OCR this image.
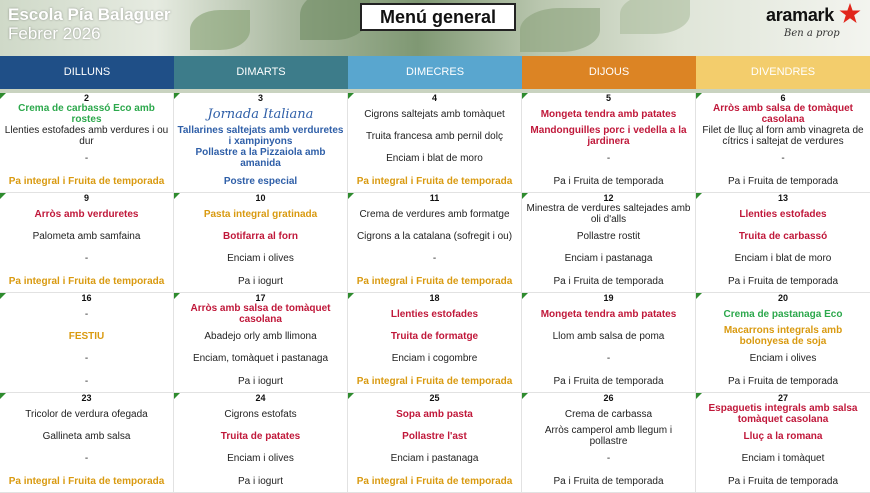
Escola Pía Balaguer
Febrer 2026
Menú general	aramark
Ben a prop
DILLUNS	DIMARTS	DIMECRES	DIJOUS	DIVENDRES
2
Crema de carbassó Eco amb rostes
Llenties estofades amb verdures i ou dur
-
Pa integral i Fruita de temporada
3
Jornada Italiana
Tallarines saltejats amb verduretes i xampinyons
Pollastre a la Pizzaiola amb amanida
Postre especial
4
Cigrons saltejats amb tomàquet
Truita francesa amb pernil dolç
Enciam i blat de moro
Pa integral i Fruita de temporada
5
Mongeta tendra amb patates
Mandonguilles porc i vedella a la jardinera
-
Pa i Fruita de temporada
6
Arròs amb salsa de tomàquet casolana
Filet de lluç al forn amb vinagreta de cítrics i saltejat de verdures
-
Pa i Fruita de temporada
9
Arròs amb verduretes
Palometa amb samfaina
-
Pa integral i Fruita de temporada
10
Pasta integral gratinada
Botifarra al forn
Enciam i olives
Pa i iogurt
11
Crema de verdures amb formatge
Cigrons a la catalana (sofregit i ou)
-
Pa integral i Fruita de temporada
12
Minestra de verdures saltejades amb oli d'alls
Pollastre rostit
Enciam i pastanaga
Pa i Fruita de temporada
13
Llenties estofades
Truita de carbassó
Enciam i blat de moro
Pa i Fruita de temporada
16
-
FESTIU
-
-
17
Arròs amb salsa de tomàquet casolana
Abadejo orly amb llimona
Enciam, tomàquet i pastanaga
Pa i iogurt
18
Llenties estofades
Truita de formatge
Enciam i cogombre
Pa integral i Fruita de temporada
19
Mongeta tendra amb patates
Llom amb salsa de poma
-
Pa i Fruita de temporada
20
Crema de pastanaga Eco
Macarrons integrals amb bolonyesa de soja
Enciam i olives
Pa i Fruita de temporada
23
Tricolor de verdura ofegada
Gallineta amb salsa
-
Pa integral i Fruita de temporada
24
Cigrons estofats
Truita de patates
Enciam i olives
Pa i iogurt
25
Sopa amb pasta
Pollastre l'ast
Enciam i pastanaga
Pa integral i Fruita de temporada
26
Crema de carbassa
Arròs camperol amb llegum i pollastre
-
Pa i Fruita de temporada
27
Espaguetis integrals amb salsa tomàquet casolana
Lluç a la romana
Enciam i tomàquet
Pa i Fruita de temporada
